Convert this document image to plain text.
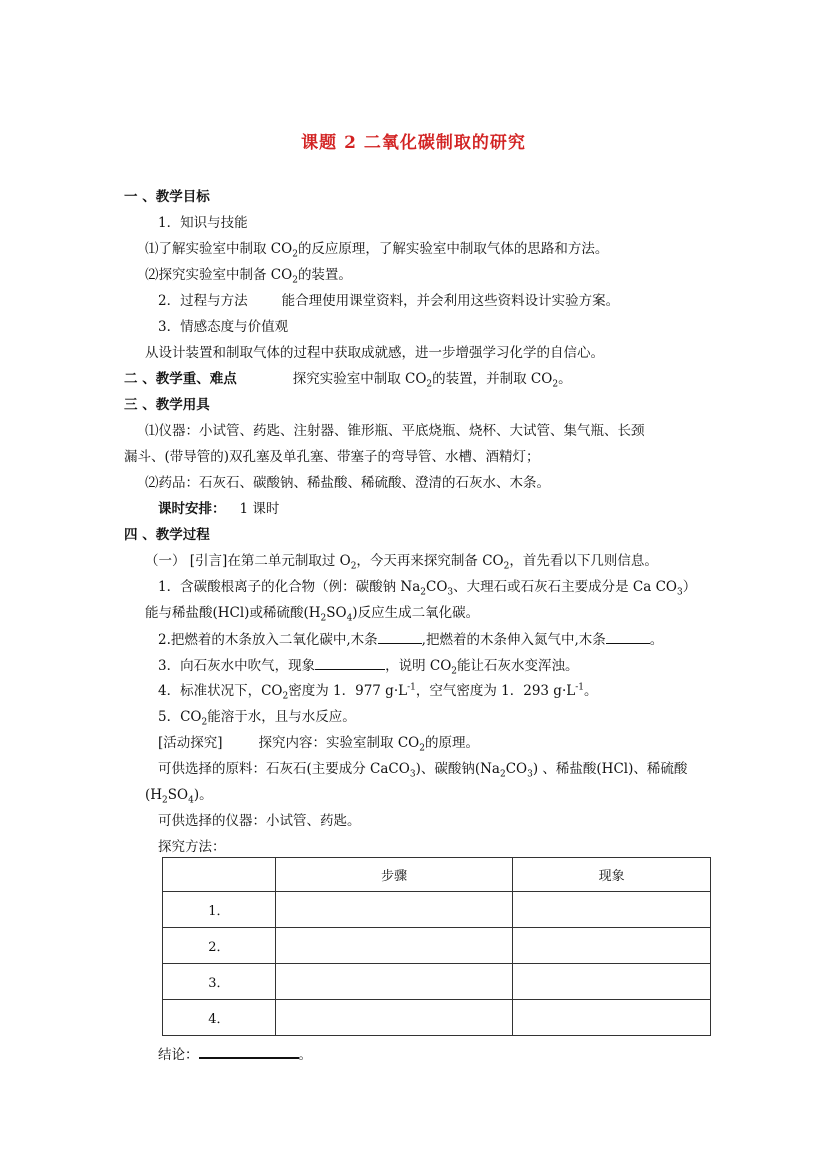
课题 2 二氧化碳制取的研究
一 、教学目标
1．知识与技能
⑴了解实验室中制取 $CO_2$的反应原理，了解实验室中制取气体的思路和方法。
⑵探究实验室中制备 $CO_2$的装置。
2．过程与方法	能合理使用课堂资料，并会利用这些资料设计实验方案。
3．情感态度与价值观
从设计装置和制取气体的过程中获取成就感，进一步增强学习化学的自信心。
二 、教学重、难点	探究实验室中制取 $CO_2$的装置，并制取 $CO_2$。
三 、教学用具
⑴仪器：小试管、药匙、注射器、锥形瓶、平底烧瓶、烧杯、大试管、集气瓶、长颈
漏斗、(带导管的)双孔塞及单孔塞、带塞子的弯导管、水槽、酒精灯；
⑵药品：石灰石、碳酸钠、稀盐酸、稀硫酸、澄清的石灰水、木条。
课时安排： 1 课时
四 、教学过程
（一） [引言]在第二单元制取过 $O_2$，今天再来探究制备 $CO_2$，首先看以下几则信息。
1．含碳酸根离子的化合物（例：碳酸钠 $Na_2CO_3$、大理石或石灰石主要成分是 Ca $CO_3$）
能与稀盐酸(HCl)或稀硫酸$(H_2SO_4)$反应生成二氧化碳。
2.把燃着的木条放入二氧化碳中,木条	,把燃着的木条伸入氮气中,木条	。
3．向石灰水中吹气，现象	，说明 $CO_2$能让石灰水变浑浊。
4．标准状况下，$CO_2$密度为 1．977 $g\cdot L^{-1}$，空气密度为 1．293 $g\cdot L^{-1}$。
5．$CO_2$能溶于水，且与水反应。
[活动探究]	探究内容：实验室制取 $CO_2$的原理。
可供选择的原料：石灰石(主要成分 CaCO$_3$)、碳酸钠$(Na_2CO_3)$ 、稀盐酸(HCl)、稀硫酸
$(H_2SO_4)$。
可供选择的仪器：小试管、药匙。
探究方法：
	步骤	现象
1．		
2．		
3．		
4．		
结论：	。
